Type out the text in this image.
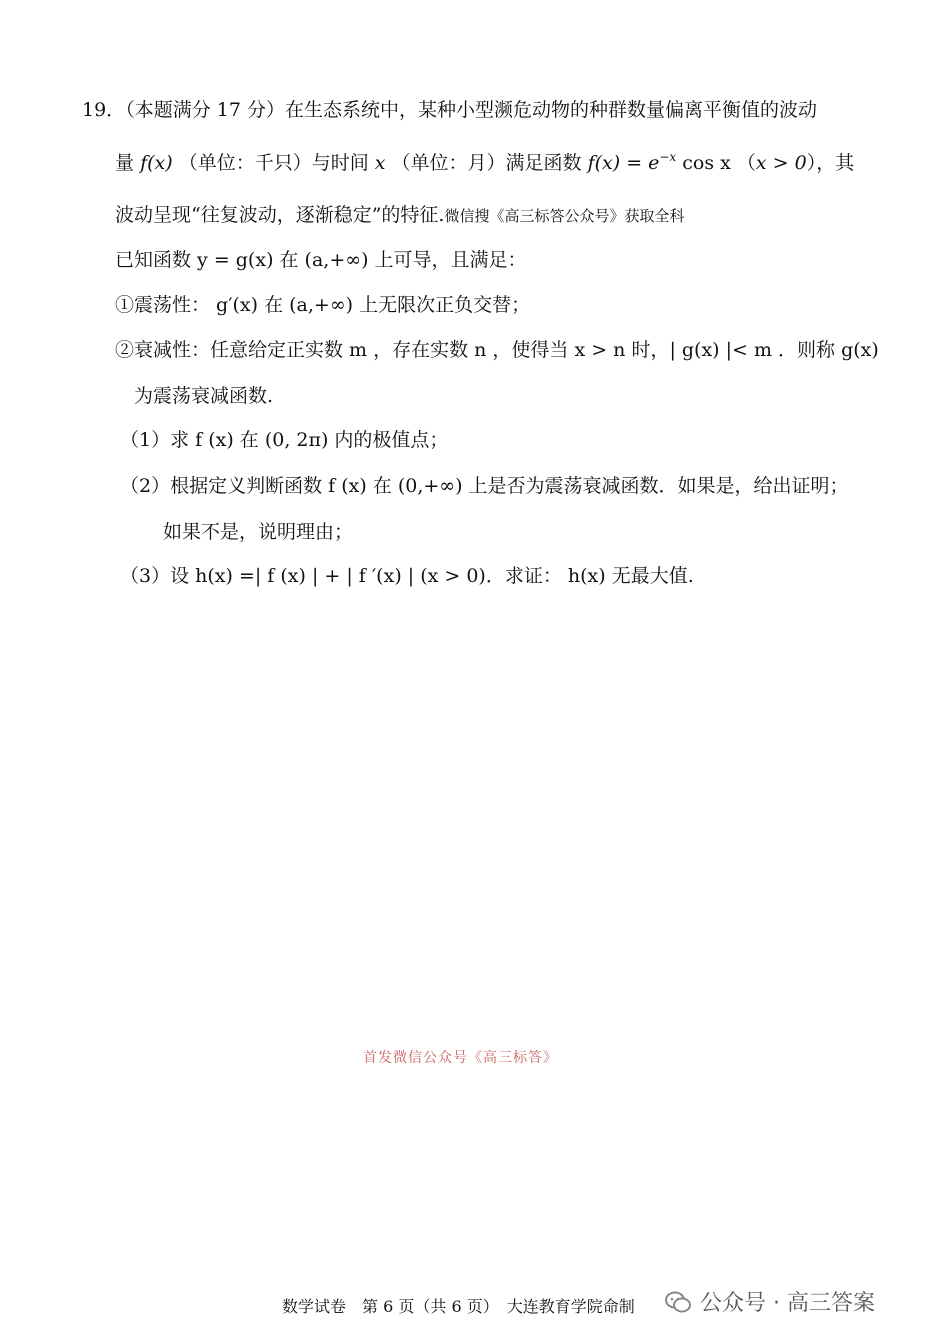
19．（本题满分 17 分）在生态系统中，某种小型濒危动物的种群数量偏离平衡值的波动
量 f(x) （单位：千只）与时间 x （单位：月）满足函数 $f(x) = e^{-x}$ cos x （x > 0），其
波动呈现“往复波动，逐渐稳定”的特征.微信搜《高三标答公众号》获取全科
已知函数 y = g(x) 在 (a,+∞) 上可导，且满足：
①震荡性： g′(x) 在 (a,+∞) 上无限次正负交替；
②衰减性：任意给定正实数 m ，存在实数 n ，使得当 x > n 时，| g(x) |< m ．则称 g(x)
为震荡衰减函数.
（1）求 f (x) 在 (0, 2π) 内的极值点；
（2）根据定义判断函数 f (x) 在 (0,+∞) 上是否为震荡衰减函数．如果是，给出证明；
如果不是，说明理由；
（3）设 h(x) =| f (x) | + | f ′(x) | (x > 0)．求证： h(x) 无最大值.
首发微信公众号《高三标答》
数学试卷　第 6 页（共 6 页）　大连教育学院命制	公众号 · 高三答案
